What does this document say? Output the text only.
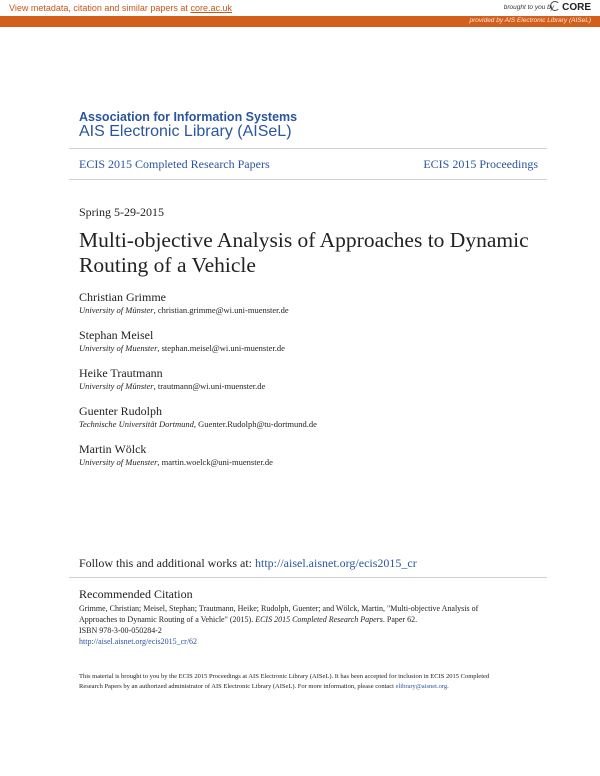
View metadata, citation and similar papers at core.ac.uk	brought to you by CORE
provided by AIS Electronic Library (AISeL)
Association for Information Systems
AIS Electronic Library (AISeL)
ECIS 2015 Completed Research Papers	ECIS 2015 Proceedings
Spring 5-29-2015
Multi-objective Analysis of Approaches to Dynamic Routing of a Vehicle
Christian Grimme
University of Münster, christian.grimme@wi.uni-muenster.de
Stephan Meisel
University of Muenster, stephan.meisel@wi.uni-muenster.de
Heike Trautmann
University of Münster, trautmann@wi.uni-muenster.de
Guenter Rudolph
Technische Universität Dortmund, Guenter.Rudolph@tu-dortmund.de
Martin Wölck
University of Muenster, martin.woelck@uni-muenster.de
Follow this and additional works at: http://aisel.aisnet.org/ecis2015_cr
Recommended Citation
Grimme, Christian; Meisel, Stephan; Trautmann, Heike; Rudolph, Guenter; and Wölck, Martin, "Multi-objective Analysis of Approaches to Dynamic Routing of a Vehicle" (2015). ECIS 2015 Completed Research Papers. Paper 62.
ISBN 978-3-00-050284-2
http://aisel.aisnet.org/ecis2015_cr/62
This material is brought to you by the ECIS 2015 Proceedings at AIS Electronic Library (AISeL). It has been accepted for inclusion in ECIS 2015 Completed Research Papers by an authorized administrator of AIS Electronic Library (AISeL). For more information, please contact elibrary@aisnet.org.
